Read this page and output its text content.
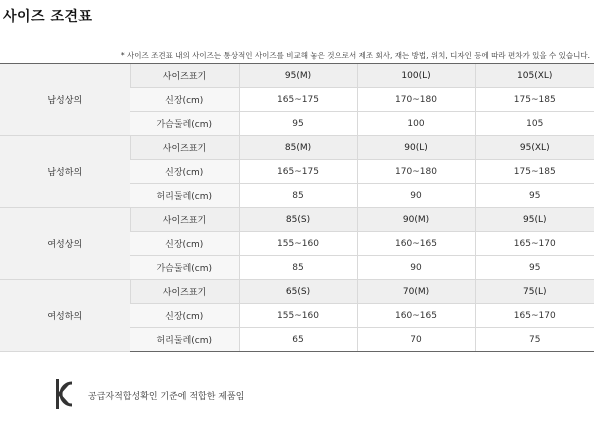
사이즈 조견표
* 사이즈 조견표 내의 사이즈는 통상적인 사이즈를 비교해 놓은 것으로서 제조 회사, 재는 방법, 위치, 디자인 등에 따라 편차가 있을 수 있습니다.
남성상의	사이즈표기	95(M)	100(L)	105(XL)
	신장(cm)	165~175	170~180	175~185
	가슴둘레(cm)	95	100	105
남성하의	사이즈표기	85(M)	90(L)	95(XL)
	신장(cm)	165~175	170~180	175~185
	허리둘레(cm)	85	90	95
여성상의	사이즈표기	85(S)	90(M)	95(L)
	신장(cm)	155~160	160~165	165~170
	가슴둘레(cm)	85	90	95
여성하의	사이즈표기	65(S)	70(M)	75(L)
	신장(cm)	155~160	160~165	165~170
	허리둘레(cm)	65	70	75
공급자적합성확인 기준에 적합한 제품임
